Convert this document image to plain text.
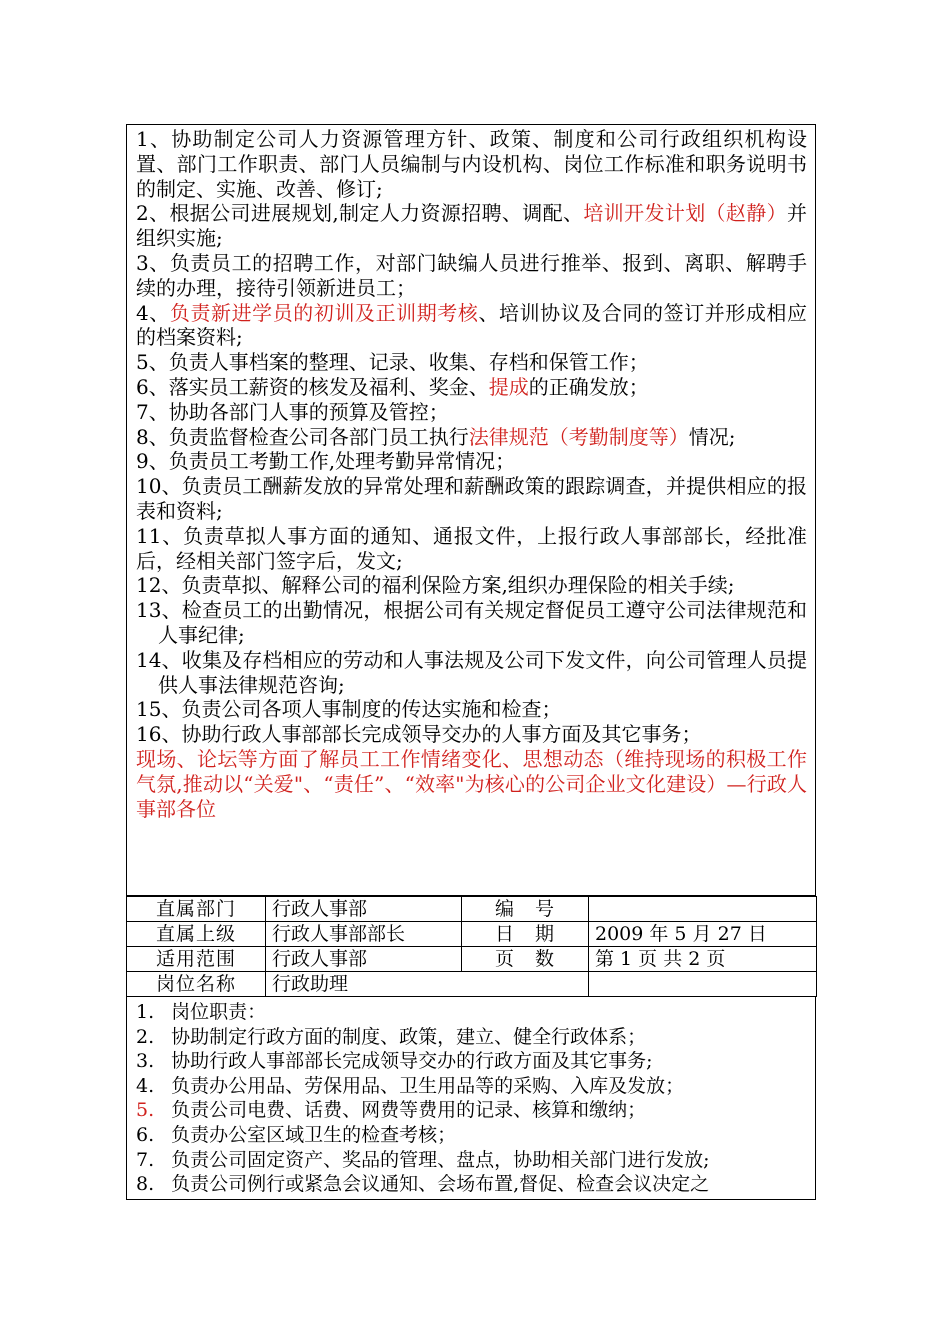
1、协助制定公司人力资源管理方针、政策、制度和公司行政组织机构设置、部门工作职责、部门人员编制与内设机构、岗位工作标准和职务说明书的制定、实施、改善、修订;

2、根据公司进展规划,制定人力资源招聘、调配、培训开发计划（赵静）并组织实施;

3、负责员工的招聘工作，对部门缺编人员进行推举、报到、离职、解聘手续的办理，接待引领新进员工；

4、负责新进学员的初训及正训期考核、培训协议及合同的签订并形成相应的档案资料;

5、负责人事档案的整理、记录、收集、存档和保管工作；

6、落实员工薪资的核发及福利、奖金、提成的正确发放；

7、协助各部门人事的预算及管控；

8、负责监督检查公司各部门员工执行法律规范（考勤制度等）情况;

9、负责员工考勤工作,处理考勤异常情况；

10、负责员工酬薪发放的异常处理和薪酬政策的跟踪调查，并提供相应的报表和资料;

11、负责草拟人事方面的通知、通报文件，上报行政人事部部长，经批准后，经相关部门签字后，发文;

12、负责草拟、解释公司的福利保险方案,组织办理保险的相关手续;

13、检查员工的出勤情况，根据公司有关规定督促员工遵守公司法律规范和人事纪律;

14、收集及存档相应的劳动和人事法规及公司下发文件，向公司管理人员提供人事法律规范咨询;

15、负责公司各项人事制度的传达实施和检查；

16、协助行政人事部部长完成领导交办的人事方面及其它事务；

现场、论坛等方面了解员工工作情绪变化、思想动态（维持现场的积极工作气氛,推动以“关爱"、“责任”、“效率"为核心的公司企业文化建设）—行政人事部各位

直属部门	行政人事部	编　号	
直属上级	行政人事部部长	日　期	2009 年 5 月 27 日
适用范围	行政人事部	页　数	第 1 页 共 2 页
岗位名称	行政助理		
1. 岗位职责：
2. 协助制定行政方面的制度、政策，建立、健全行政体系；
3. 协助行政人事部部长完成领导交办的行政方面及其它事务;
4. 负责办公用品、劳保用品、卫生用品等的采购、入库及发放；
5. 负责公司电费、话费、网费等费用的记录、核算和缴纳；
6. 负责办公室区域卫生的检查考核；
7. 负责公司固定资产、奖品的管理、盘点，协助相关部门进行发放;
8. 负责公司例行或紧急会议通知、会场布置,督促、检查会议决定之
